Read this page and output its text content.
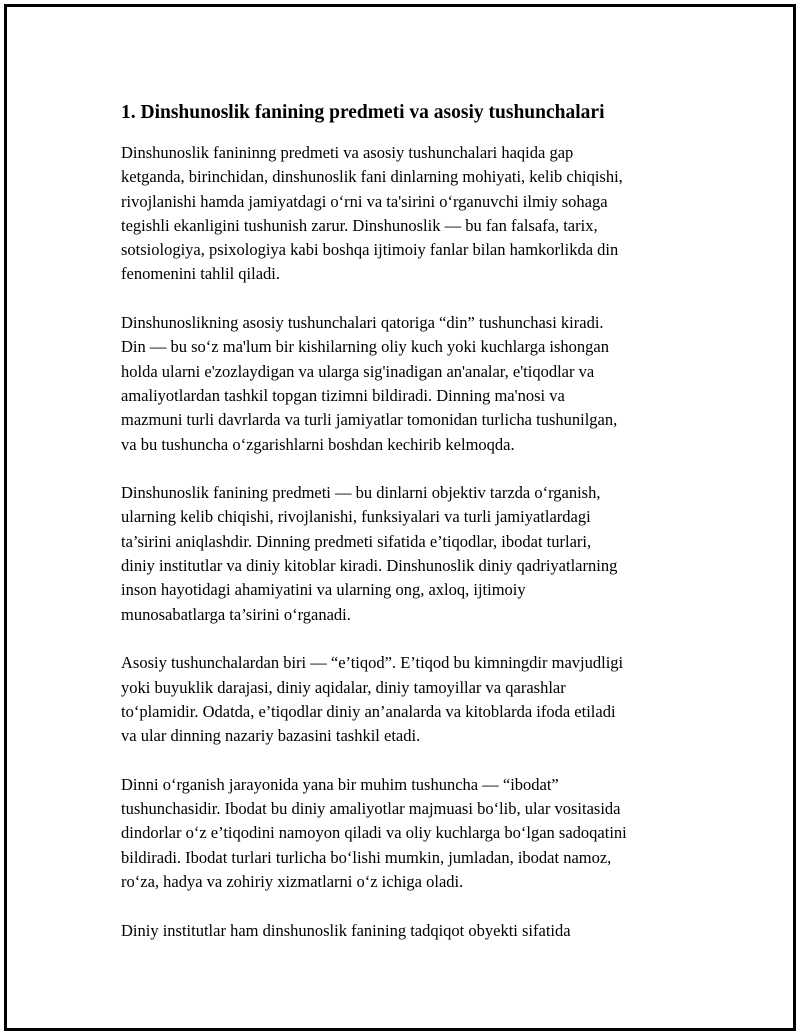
1. Dinshunoslik fanining predmeti va asosiy tushunchalari

Dinshunoslik fanininng predmeti va asosiy tushunchalari haqida gap
ketganda, birinchidan, dinshunoslik fani dinlarning mohiyati, kelib chiqishi,
rivojlanishi hamda jamiyatdagi o‘rni va ta'sirini o‘rganuvchi ilmiy sohaga
tegishli ekanligini tushunish zarur. Dinshunoslik — bu fan falsafa, tarix,
sotsiologiya, psixologiya kabi boshqa ijtimoiy fanlar bilan hamkorlikda din
fenomenini tahlil qiladi.

Dinshunoslikning asosiy tushunchalari qatoriga “din” tushunchasi kiradi.
Din — bu so‘z ma'lum bir kishilarning oliy kuch yoki kuchlarga ishongan
holda ularni e'zozlaydigan va ularga sig'inadigan an'analar, e'tiqodlar va
amaliyotlardan tashkil topgan tizimni bildiradi. Dinning ma'nosi va
mazmuni turli davrlarda va turli jamiyatlar tomonidan turlicha tushunilgan,
va bu tushuncha o‘zgarishlarni boshdan kechirib kelmoqda.

Dinshunoslik fanining predmeti — bu dinlarni objektiv tarzda o‘rganish,
ularning kelib chiqishi, rivojlanishi, funksiyalari va turli jamiyatlardagi
ta’sirini aniqlashdir. Dinning predmeti sifatida e’tiqodlar, ibodat turlari,
diniy institutlar va diniy kitoblar kiradi. Dinshunoslik diniy qadriyatlarning
inson hayotidagi ahamiyatini va ularning ong, axloq, ijtimoiy
munosabatlarga ta’sirini o‘rganadi.

Asosiy tushunchalardan biri — “e’tiqod”. E’tiqod bu kimningdir mavjudligi
yoki buyuklik darajasi, diniy aqidalar, diniy tamoyillar va qarashlar
to‘plamidir. Odatda, e’tiqodlar diniy an’analarda va kitoblarda ifoda etiladi
va ular dinning nazariy bazasini tashkil etadi.

Dinni o‘rganish jarayonida yana bir muhim tushuncha — “ibodat”
tushunchasidir. Ibodat bu diniy amaliyotlar majmuasi bo‘lib, ular vositasida
dindorlar o‘z e’tiqodini namoyon qiladi va oliy kuchlarga bo‘lgan sadoqatini
bildiradi. Ibodat turlari turlicha bo‘lishi mumkin, jumladan, ibodat namoz,
ro‘za, hadya va zohiriy xizmatlarni o‘z ichiga oladi.

Diniy institutlar ham dinshunoslik fanining tadqiqot obyekti sifatida
